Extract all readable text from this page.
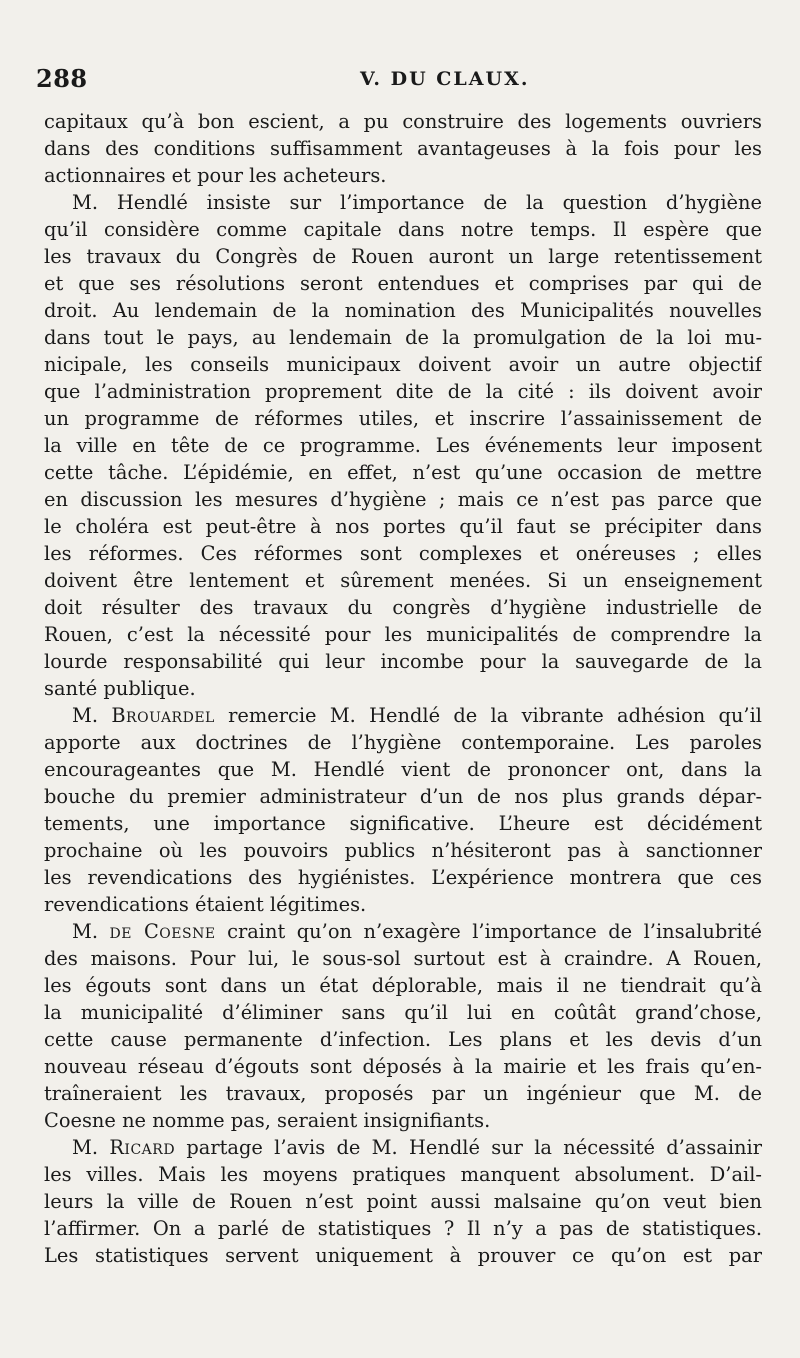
288	V. DU CLAUX.
capitaux qu’à bon escient, a pu construire des logements ouvriers
dans des conditions suffisamment avantageuses à la fois pour les
actionnaires et pour les acheteurs.
M. Hendlé insiste sur l’importance de la question d’hygiène
qu’il considère comme capitale dans notre temps. Il espère que
les travaux du Congrès de Rouen auront un large retentissement
et que ses résolutions seront entendues et comprises par qui de
droit. Au lendemain de la nomination des Municipalités nouvelles
dans tout le pays, au lendemain de la promulgation de la loi mu-
nicipale, les conseils municipaux doivent avoir un autre objectif
que l’administration proprement dite de la cité : ils doivent avoir
un programme de réformes utiles, et inscrire l’assainissement de
la ville en tête de ce programme. Les événements leur imposent
cette tâche. L’épidémie, en effet, n’est qu’une occasion de mettre
en discussion les mesures d’hygiène ; mais ce n’est pas parce que
le choléra est peut-être à nos portes qu’il faut se précipiter dans
les réformes. Ces réformes sont complexes et onéreuses ; elles
doivent être lentement et sûrement menées. Si un enseignement
doit résulter des travaux du congrès d’hygiène industrielle de
Rouen, c’est la nécessité pour les municipalités de comprendre la
lourde responsabilité qui leur incombe pour la sauvegarde de la
santé publique.
M. Brouardel remercie M. Hendlé de la vibrante adhésion qu’il
apporte aux doctrines de l’hygiène contemporaine. Les paroles
encourageantes que M. Hendlé vient de prononcer ont, dans la
bouche du premier administrateur d’un de nos plus grands dépar-
tements, une importance significative. L’heure est décidément
prochaine où les pouvoirs publics n’hésiteront pas à sanctionner
les revendications des hygiénistes. L’expérience montrera que ces
revendications étaient légitimes.
M. de Coesne craint qu’on n’exagère l’importance de l’insalubrité
des maisons. Pour lui, le sous-sol surtout est à craindre. A Rouen,
les égouts sont dans un état déplorable, mais il ne tiendrait qu’à
la municipalité d’éliminer sans qu’il lui en coûtât grand’chose,
cette cause permanente d’infection. Les plans et les devis d’un
nouveau réseau d’égouts sont déposés à la mairie et les frais qu’en-
traîneraient les travaux, proposés par un ingénieur que M. de
Coesne ne nomme pas, seraient insignifiants.
M. Ricard partage l’avis de M. Hendlé sur la nécessité d’assainir
les villes. Mais les moyens pratiques manquent absolument. D’ail-
leurs la ville de Rouen n’est point aussi malsaine qu’on veut bien
l’affirmer. On a parlé de statistiques ? Il n’y a pas de statistiques.
Les statistiques servent uniquement à prouver ce qu’on est par
